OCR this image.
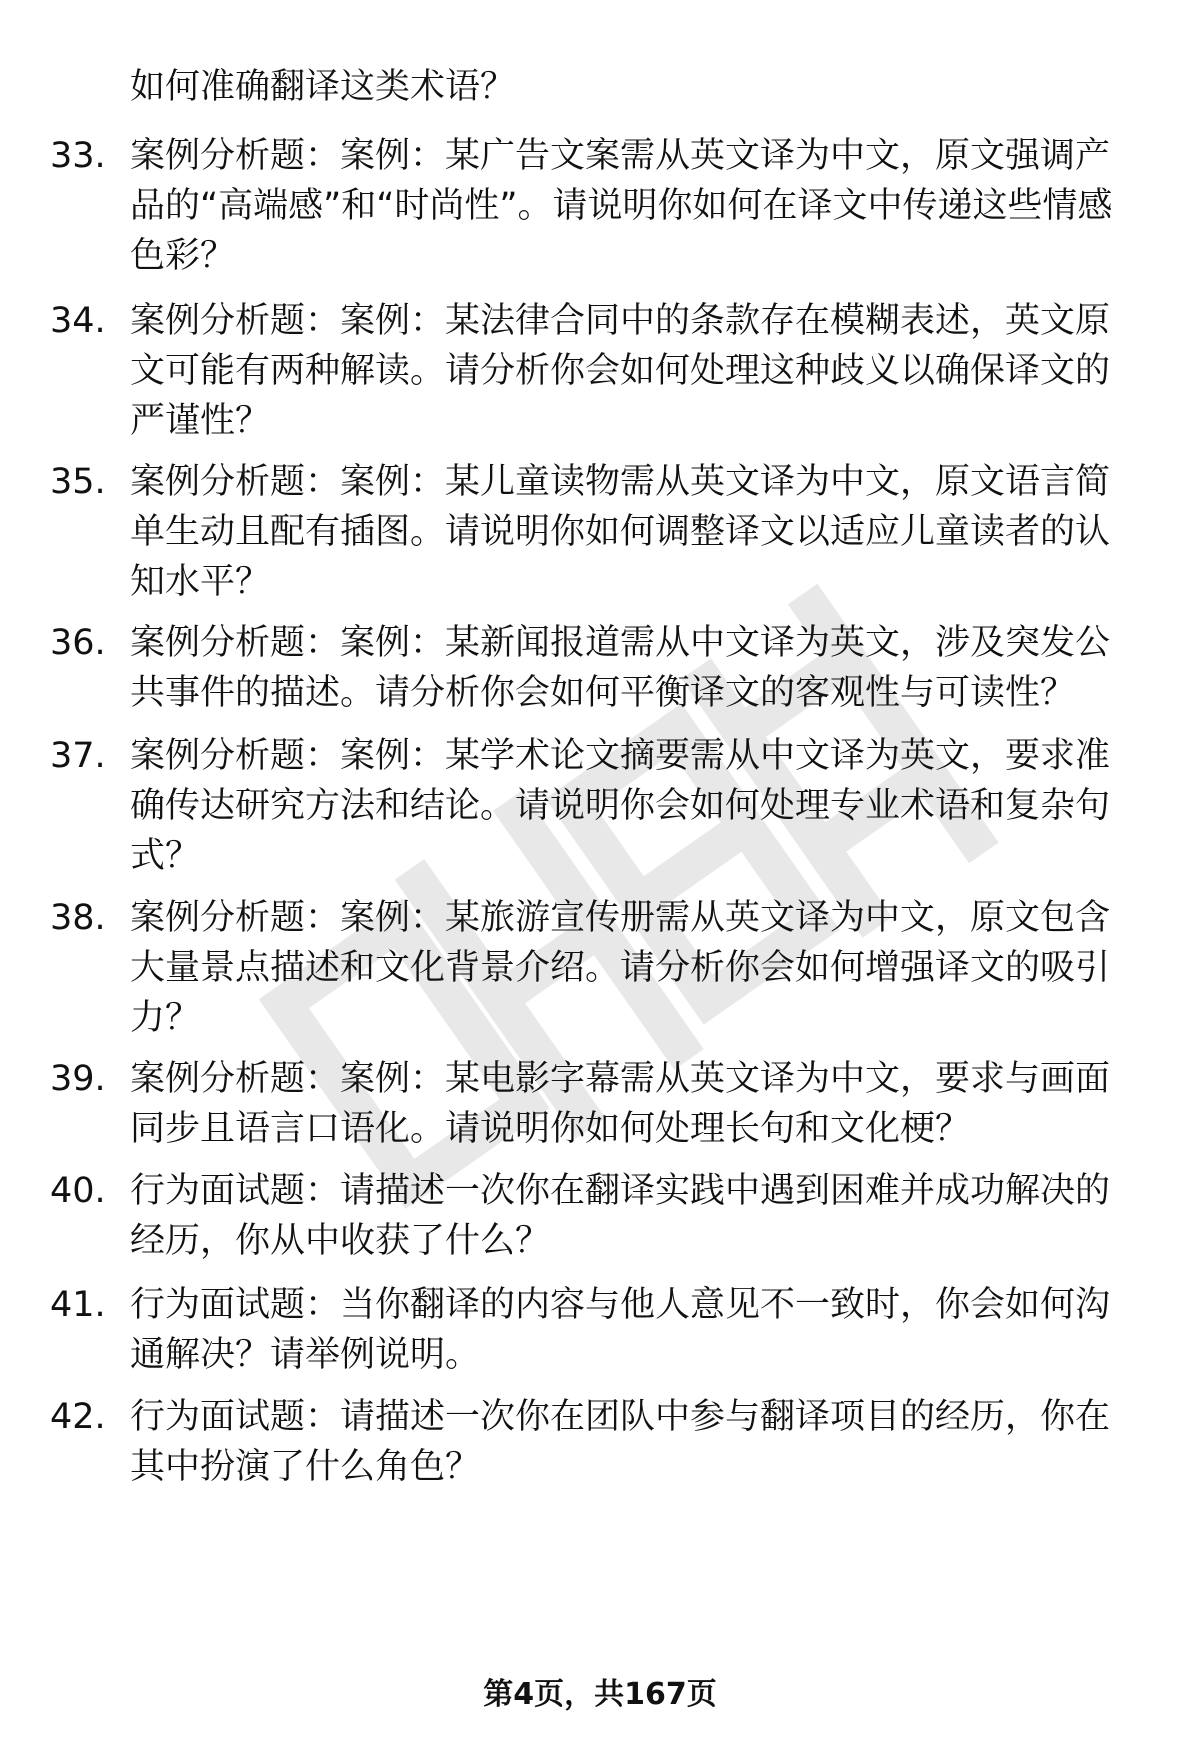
如何准确翻译这类术语？

33. 案例分析题：案例：某广告文案需从英文译为中文，原文强调产品的“高端感”和“时尚性”。请说明你如何在译文中传递这些情感色彩？

34. 案例分析题：案例：某法律合同中的条款存在模糊表述，英文原文可能有两种解读。请分析你会如何处理这种歧义以确保译文的严谨性？

35. 案例分析题：案例：某儿童读物需从英文译为中文，原文语言简单生动且配有插图。请说明你如何调整译文以适应儿童读者的认知水平？

36. 案例分析题：案例：某新闻报道需从中文译为英文，涉及突发公共事件的描述。请分析你会如何平衡译文的客观性与可读性？

37. 案例分析题：案例：某学术论文摘要需从中文译为英文，要求准确传达研究方法和结论。请说明你会如何处理专业术语和复杂句式？

38. 案例分析题：案例：某旅游宣传册需从英文译为中文，原文包含大量景点描述和文化背景介绍。请分析你会如何增强译文的吸引力？

39. 案例分析题：案例：某电影字幕需从英文译为中文，要求与画面同步且语言口语化。请说明你如何处理长句和文化梗？

40. 行为面试题：请描述一次你在翻译实践中遇到困难并成功解决的经历，你从中收获了什么？

41. 行为面试题：当你翻译的内容与他人意见不一致时，你会如何沟通解决？请举例说明。

42. 行为面试题：请描述一次你在团队中参与翻译项目的经历，你在其中扮演了什么角色？

第4页，共167页
